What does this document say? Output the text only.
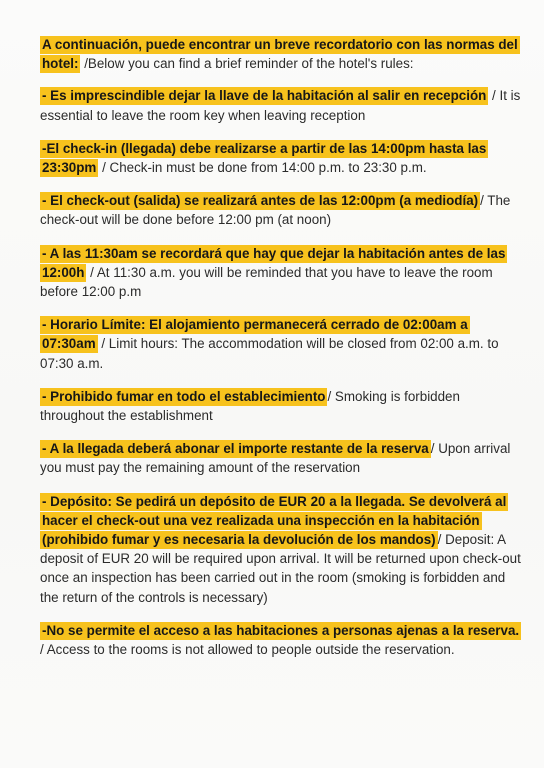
A continuación, puede encontrar un breve recordatorio con las normas del hotel: /Below you can find a brief reminder of the hotel's rules:

- Es imprescindible dejar la llave de la habitación al salir en recepción / It is essential to leave the room key when leaving reception

-El check-in (llegada) debe realizarse a partir de las 14:00pm hasta las 23:30pm / Check-in must be done from 14:00 p.m. to 23:30 p.m.

- El check-out (salida) se realizará antes de las 12:00pm (a mediodía) / The check-out will be done before 12:00 pm (at noon)

- A las 11:30am se recordará que hay que dejar la habitación antes de las 12:00h / At 11:30 a.m. you will be reminded that you have to leave the room before 12:00 p.m

- Horario Límite: El alojamiento permanecerá cerrado de 02:00am a 07:30am / Limit hours: The accommodation will be closed from 02:00 a.m. to 07:30 a.m.

- Prohibido fumar en todo el establecimiento / Smoking is forbidden throughout the establishment

- A la llegada deberá abonar el importe restante de la reserva / Upon arrival you must pay the remaining amount of the reservation

- Depósito: Se pedirá un depósito de EUR 20 a la llegada. Se devolverá al hacer el check-out una vez realizada una inspección en la habitación (prohibido fumar y es necesaria la devolución de los mandos) / Deposit: A deposit of EUR 20 will be required upon arrival. It will be returned upon check-out once an inspection has been carried out in the room (smoking is forbidden and the return of the controls is necessary)

-No se permite el acceso a las habitaciones a personas ajenas a la reserva. / Access to the rooms is not allowed to people outside the reservation.
